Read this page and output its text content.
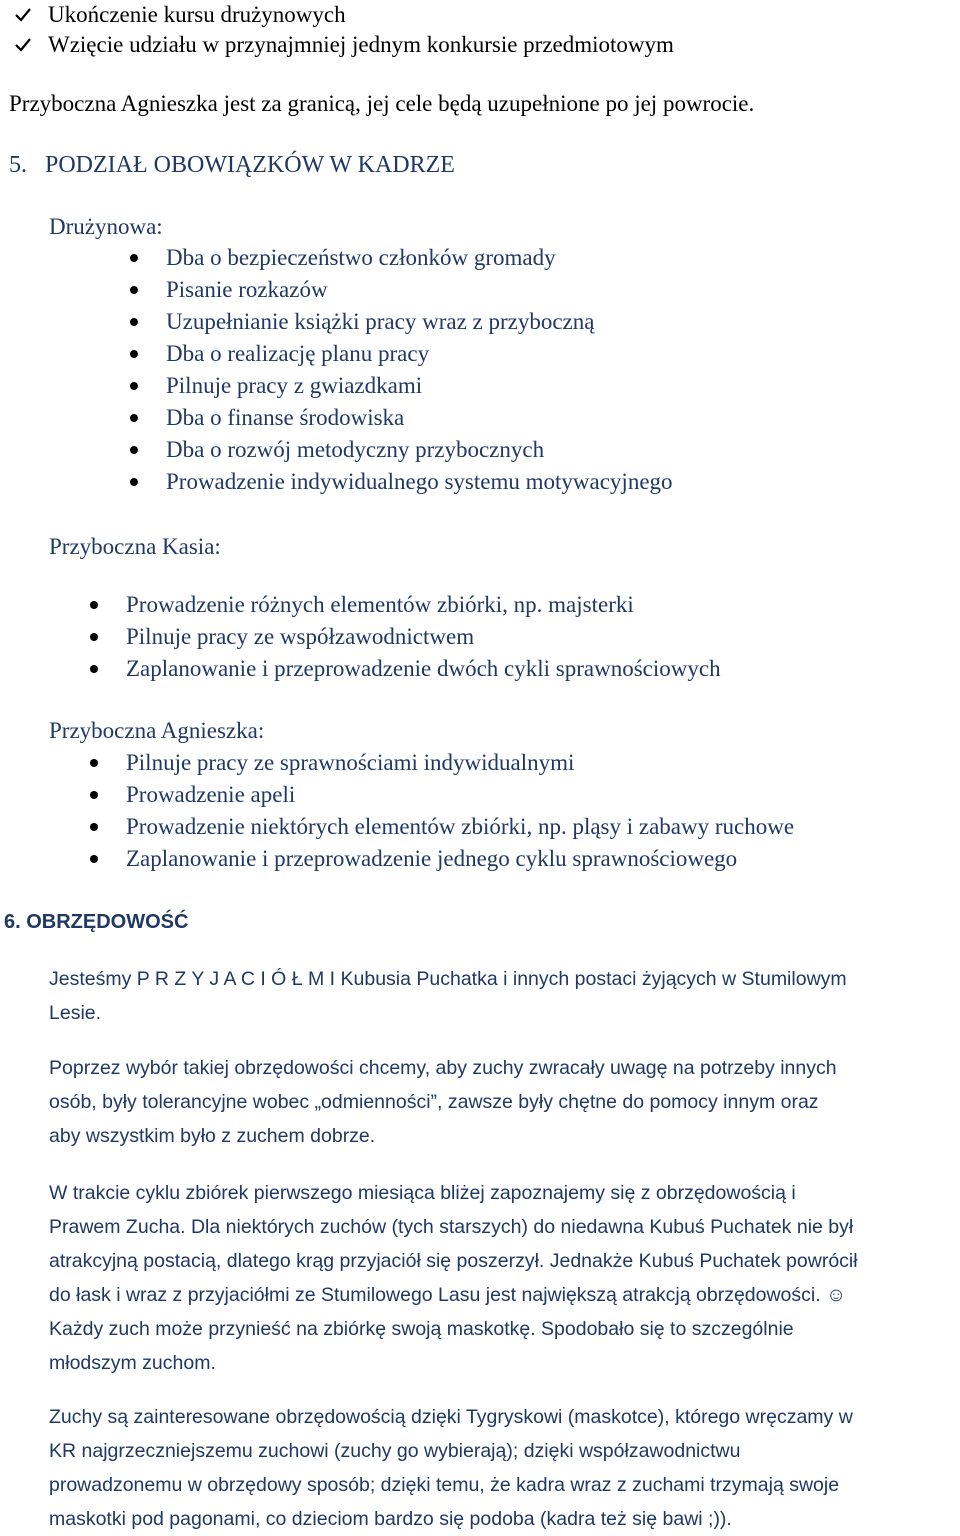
Ukończenie kursu drużynowych
Wzięcie udziału w przynajmniej jednym konkursie przedmiotowym
Przyboczna Agnieszka jest za granicą, jej cele będą uzupełnione po jej powrocie.
5. PODZIAŁ OBOWIĄZKÓW W KADRZE
Drużynowa:
Dba o bezpieczeństwo członków gromady
Pisanie rozkazów
Uzupełnianie książki pracy wraz z przyboczną
Dba o realizację planu pracy
Pilnuje pracy z gwiazdkami
Dba o finanse środowiska
Dba o rozwój metodyczny przybocznych
Prowadzenie indywidualnego systemu motywacyjnego
Przyboczna Kasia:
Prowadzenie różnych elementów zbiórki, np. majsterki
Pilnuje pracy ze współzawodnictwem
Zaplanowanie i przeprowadzenie dwóch cykli sprawnościowych
Przyboczna Agnieszka:
Pilnuje pracy ze sprawnościami indywidualnymi
Prowadzenie apeli
Prowadzenie niektórych elementów zbiórki, np. pląsy i zabawy ruchowe
Zaplanowanie i przeprowadzenie jednego cyklu sprawnościowego
6. OBRZĘDOWOŚĆ
Jesteśmy P R Z Y J A C I Ó Ł M I Kubusia Puchatka i innych postaci żyjących w Stumilowym
Lesie.
Poprzez wybór takiej obrzędowości chcemy, aby zuchy zwracały uwagę na potrzeby innych
osób, były tolerancyjne wobec „odmienności”, zawsze były chętne do pomocy innym oraz
aby wszystkim było z zuchem dobrze.
W trakcie cyklu zbiórek pierwszego miesiąca bliżej zapoznajemy się z obrzędowością i
Prawem Zucha. Dla niektórych zuchów (tych starszych) do niedawna Kubuś Puchatek nie był
atrakcyjną postacią, dlatego krąg przyjaciół się poszerzył. Jednakże Kubuś Puchatek powrócił
do łask i wraz z przyjaciółmi ze Stumilowego Lasu jest największą atrakcją obrzędowości. ☺
Każdy zuch może przynieść na zbiórkę swoją maskotkę. Spodobało się to szczególnie
młodszym zuchom.
Zuchy są zainteresowane obrzędowością dzięki Tygryskowi (maskotce), którego wręczamy w
KR najgrzeczniejszemu zuchowi (zuchy go wybierają); dzięki współzawodnictwu
prowadzonemu w obrzędowy sposób; dzięki temu, że kadra wraz z zuchami trzymają swoje
maskotki pod pagonami, co dzieciom bardzo się podoba (kadra też się bawi ;)).
